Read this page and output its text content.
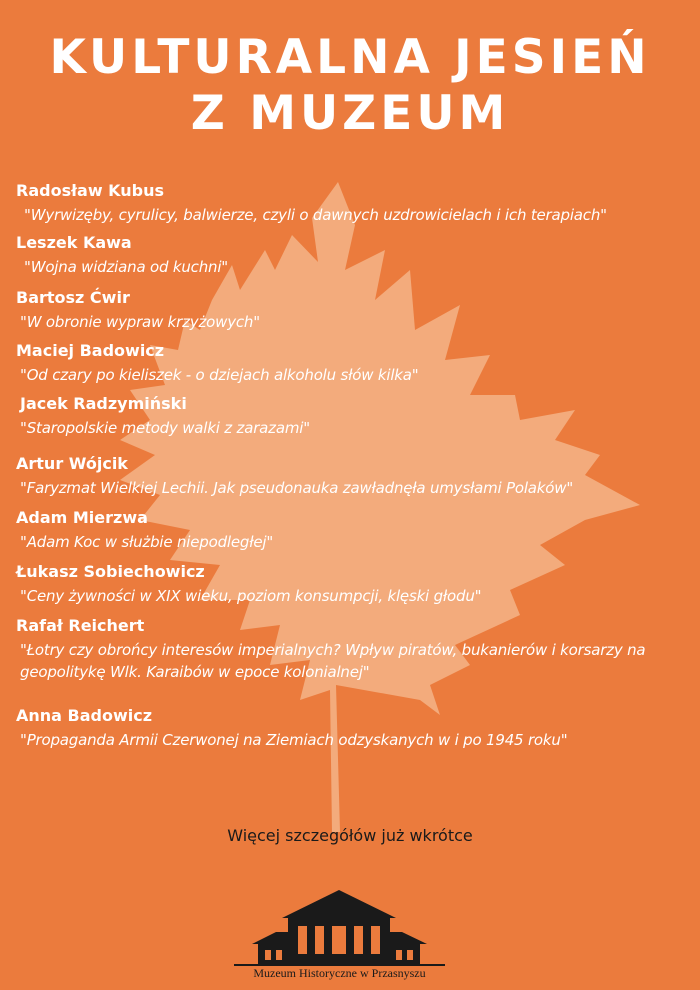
KULTURALNA JESIEŃ
Z MUZEUM
Radosław Kubus
"Wyrwizęby, cyrulicy, balwierze, czyli o dawnych uzdrowicielach i ich terapiach"
Leszek Kawa
"Wojna widziana od kuchni"
Bartosz Ćwir
"W obronie wypraw krzyżowych"
Maciej Badowicz
"Od czary po kieliszek - o dziejach alkoholu słów kilka"
Jacek Radzymiński
"Staropolskie metody walki z zarazami"
Artur Wójcik
"Faryzmat Wielkiej Lechii. Jak pseudonauka zawładnęła umysłami Polaków"
Adam Mierzwa
"Adam Koc w służbie niepodległej"
Łukasz Sobiechowicz
"Ceny żywności w XIX wieku, poziom konsumpcji, klęski głodu"
Rafał Reichert
"Łotry czy obrońcy interesów imperialnych? Wpływ piratów, bukanierów i korsarzy na geopolitykę Wlk. Karaibów w epoce kolonialnej"
Anna Badowicz
"Propaganda Armii Czerwonej na Ziemiach odzyskanych w i po 1945 roku"
Więcej szczegółów już wkrótce
Muzeum Historyczne w Przasnyszu
